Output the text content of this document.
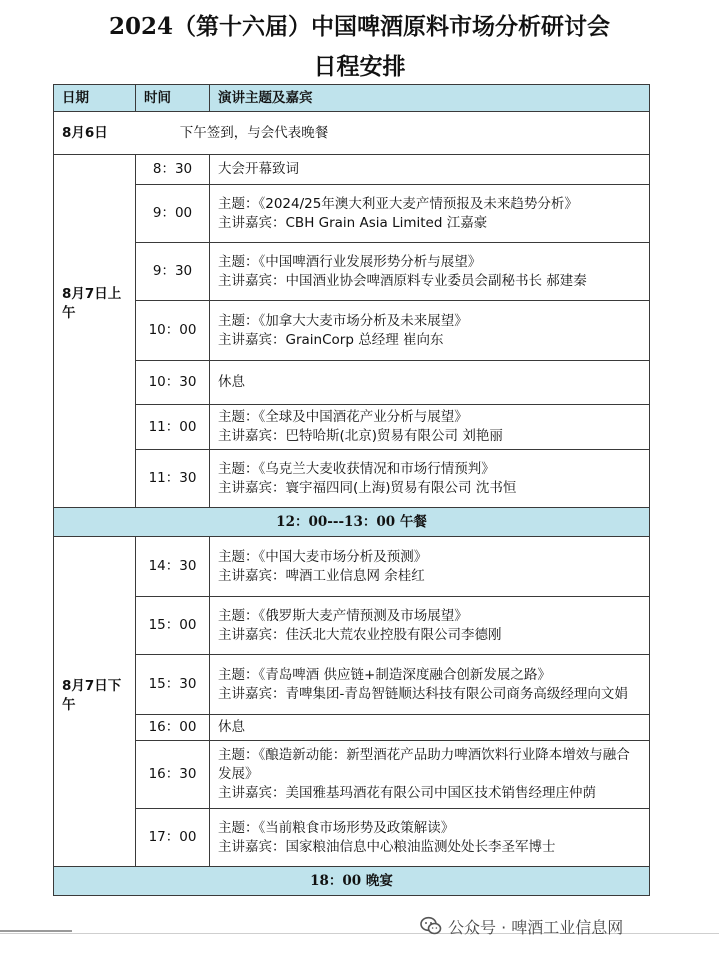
2024（第十六届）中国啤酒原料市场分析研讨会
日程安排
日期	时间	演讲主题及嘉宾
8月6日 下午签到，与会代表晚餐		
8月7日上午	8：30	大会开幕致词

	9：00	主题：《2024/25年澳大利亚大麦产情预报及未来趋势分析》
主讲嘉宾：CBH Grain Asia Limited 江嘉豪

	9：30	主题：《中国啤酒行业发展形势分析与展望》
主讲嘉宾：中国酒业协会啤酒原料专业委员会副秘书长 郝建秦

	10：00	主题：《加拿大大麦市场分析及未来展望》
主讲嘉宾：GrainCorp 总经理 崔向东

	10：30	休息

	11：00	主题：《全球及中国酒花产业分析与展望》
主讲嘉宾：巴特哈斯(北京)贸易有限公司 刘艳丽

	11：30	主题：《乌克兰大麦收获情况和市场行情预判》
主讲嘉宾：寰宇福四同(上海)贸易有限公司 沈书恒

12：00---13：00 午餐		
8月7日下午	14：30	主题：《中国大麦市场分析及预测》
主讲嘉宾：啤酒工业信息网 余桂红

	15：00	主题：《俄罗斯大麦产情预测及市场展望》
主讲嘉宾：佳沃北大荒农业控股有限公司李德刚

	15：30	主题：《青岛啤酒 供应链+制造深度融合创新发展之路》
主讲嘉宾：青啤集团-青岛智链顺达科技有限公司商务高级经理向文娟

	16：00	休息

	16：30	主题：《酿造新动能：新型酒花产品助力啤酒饮料行业降本增效与融合发展》
主讲嘉宾：美国雅基玛酒花有限公司中国区技术销售经理庄仲荫

	17：00	主题：《当前粮食市场形势及政策解读》
主讲嘉宾：国家粮油信息中心粮油监测处处长李圣军博士

18：00 晚宴		
公众号 · 啤酒工业信息网
